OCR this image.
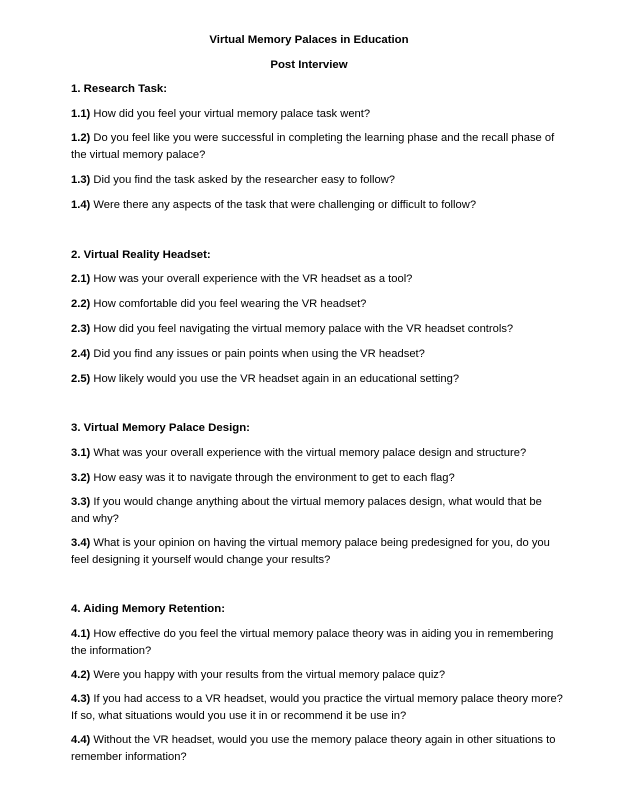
Virtual Memory Palaces in Education
Post Interview
1. Research Task:
1.1) How did you feel your virtual memory palace task went?
1.2) Do you feel like you were successful in completing the learning phase and the recall phase of the virtual memory palace?
1.3) Did you find the task asked by the researcher easy to follow?
1.4) Were there any aspects of the task that were challenging or difficult to follow?
2. Virtual Reality Headset:
2.1) How was your overall experience with the VR headset as a tool?
2.2) How comfortable did you feel wearing the VR headset?
2.3) How did you feel navigating the virtual memory palace with the VR headset controls?
2.4) Did you find any issues or pain points when using the VR headset?
2.5) How likely would you use the VR headset again in an educational setting?
3. Virtual Memory Palace Design:
3.1) What was your overall experience with the virtual memory palace design and structure?
3.2) How easy was it to navigate through the environment to get to each flag?
3.3) If you would change anything about the virtual memory palaces design, what would that be and why?
3.4) What is your opinion on having the virtual memory palace being predesigned for you, do you feel designing it yourself would change your results?
4. Aiding Memory Retention:
4.1) How effective do you feel the virtual memory palace theory was in aiding you in remembering the information?
4.2) Were you happy with your results from the virtual memory palace quiz?
4.3) If you had access to a VR headset, would you practice the virtual memory palace theory more? If so, what situations would you use it in or recommend it be use in?
4.4) Without the VR headset, would you use the memory palace theory again in other situations to remember information?
